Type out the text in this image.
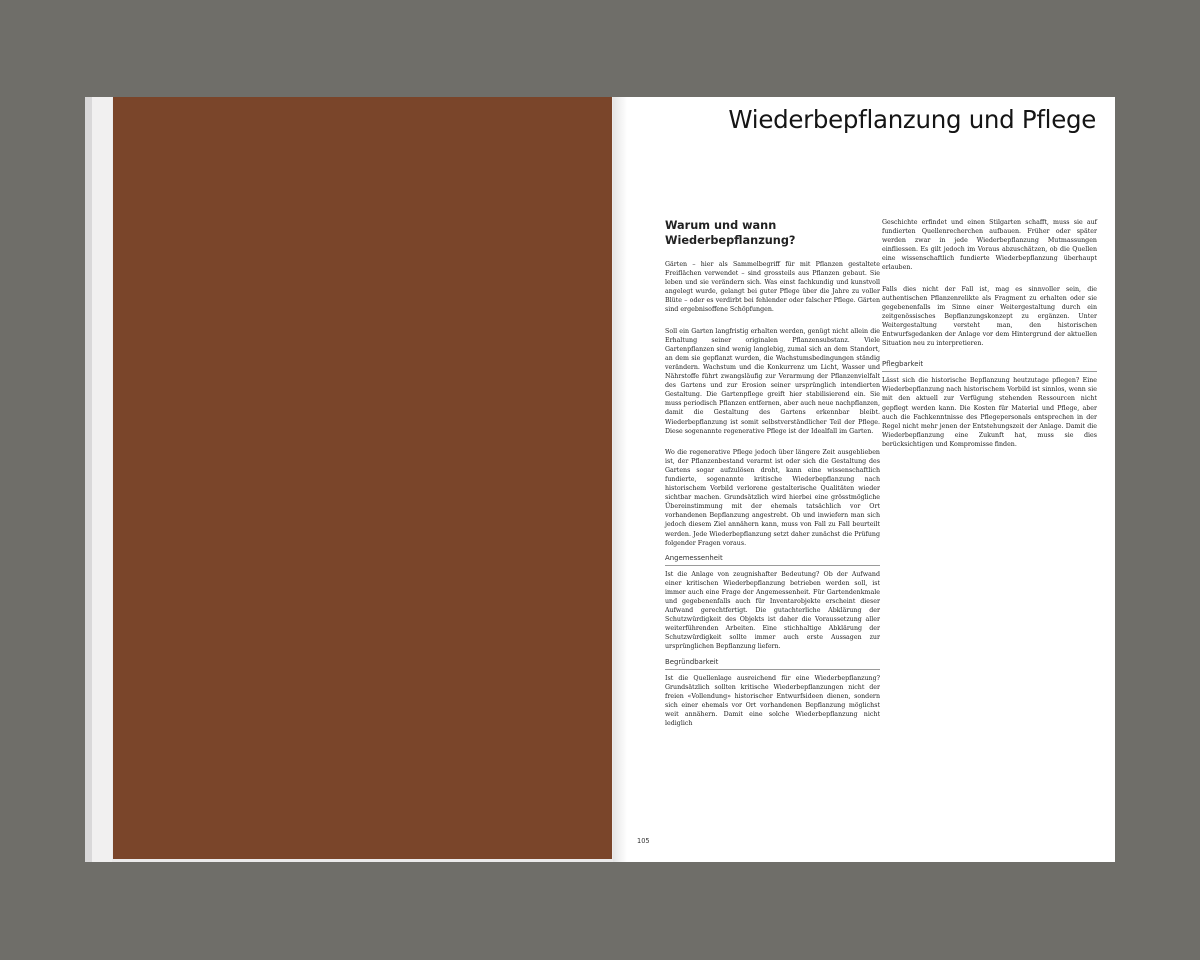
Wiederbepflanzung und Pflege
Warum und wann Wiederbepflanzung?

Gärten – hier als Sammelbegriff für mit Pflanzen gestaltete Freiflächen verwendet – sind grossteils aus Pflanzen gebaut. Sie leben und sie verändern sich. Was einst fachkundig und kunstvoll angelegt wurde, gelangt bei guter Pflege über die Jahre zu voller Blüte – oder es verdirbt bei fehlender oder falscher Pflege. Gärten sind ergebnisoffene Schöpfungen.

Soll ein Garten langfristig erhalten werden, genügt nicht allein die Erhaltung seiner originalen Pflanzensubstanz. Viele Gartenpflanzen sind wenig langlebig, zumal sich an dem Standort, an dem sie gepflanzt wurden, die Wachstumsbedingungen ständig verändern. Wachstum und die Konkurrenz um Licht, Wasser und Nährstoffe führt zwangsläufig zur Verarmung der Pflanzenvielfalt des Gartens und zur Erosion seiner ursprünglich intendierten Gestaltung. Die Gartenpflege greift hier stabilisierend ein. Sie muss periodisch Pflanzen entfernen, aber auch neue nachpflanzen, damit die Gestaltung des Gartens erkennbar bleibt. Wiederbepflanzung ist somit selbstverständlicher Teil der Pflege. Diese sogenannte regenerative Pflege ist der Idealfall im Garten.

Wo die regenerative Pflege jedoch über längere Zeit ausgeblieben ist, der Pflanzenbestand verarmt ist oder sich die Gestaltung des Gartens sogar aufzulösen droht, kann eine wissenschaftlich fundierte, sogenannte kritische Wiederbepflanzung nach historischem Vorbild verlorene gestalterische Qualitäten wieder sichtbar machen. Grundsätzlich wird hierbei eine grösstmögliche Übereinstimmung mit der ehemals tatsächlich vor Ort vorhandenen Bepflanzung angestrebt. Ob und inwiefern man sich jedoch diesem Ziel annähern kann, muss von Fall zu Fall beurteilt werden. Jede Wiederbepflanzung setzt daher zunächst die Prüfung folgender Fragen voraus.

Angemessenheit

Ist die Anlage von zeugnishafter Bedeutung? Ob der Aufwand einer kritischen Wiederbepflanzung betrieben werden soll, ist immer auch eine Frage der Angemessenheit. Für Gartendenkmale und gegebenenfalls auch für Inventarobjekte erscheint dieser Aufwand gerechtfertigt. Die gutachterliche Abklärung der Schutzwürdigkeit des Objekts ist daher die Voraussetzung aller weiterführenden Arbeiten. Eine stichhaltige Abklärung der Schutzwürdigkeit sollte immer auch erste Aussagen zur ursprünglichen Bepflanzung liefern.

Begründbarkeit

Ist die Quellenlage ausreichend für eine Wiederbepflanzung? Grundsätzlich sollten kritische Wiederbepflanzungen nicht der freien «Vollendung» historischer Entwurfsideen dienen, sondern sich einer ehemals vor Ort vorhandenen Bepflanzung möglichst weit annähern. Damit eine solche Wiederbepflanzung nicht lediglich

Geschichte erfindet und einen Stilgarten schafft, muss sie auf fundierten Quellenrecherchen aufbauen. Früher oder später werden zwar in jede Wiederbepflanzung Mutmassungen einfliessen. Es gilt jedoch im Voraus abzuschätzen, ob die Quellen eine wissenschaftlich fundierte Wiederbepflanzung überhaupt erlauben.

Falls dies nicht der Fall ist, mag es sinnvoller sein, die authentischen Pflanzenrelikte als Fragment zu erhalten oder sie gegebenenfalls im Sinne einer Weitergestaltung durch ein zeitgenössisches Bepflanzungskonzept zu ergänzen. Unter Weitergestaltung versteht man, den historischen Entwurfsgedanken der Anlage vor dem Hintergrund der aktuellen Situation neu zu interpretieren.

Pflegbarkeit

Lässt sich die historische Bepflanzung heutzutage pflegen? Eine Wiederbepflanzung nach historischem Vorbild ist sinnlos, wenn sie mit den aktuell zur Verfügung stehenden Ressourcen nicht gepflegt werden kann. Die Kosten für Material und Pflege, aber auch die Fachkenntnisse des Pflegepersonals entsprechen in der Regel nicht mehr jenen der Entstehungszeit der Anlage. Damit die Wiederbepflanzung eine Zukunft hat, muss sie dies berücksichtigen und Kompromisse finden.

105
